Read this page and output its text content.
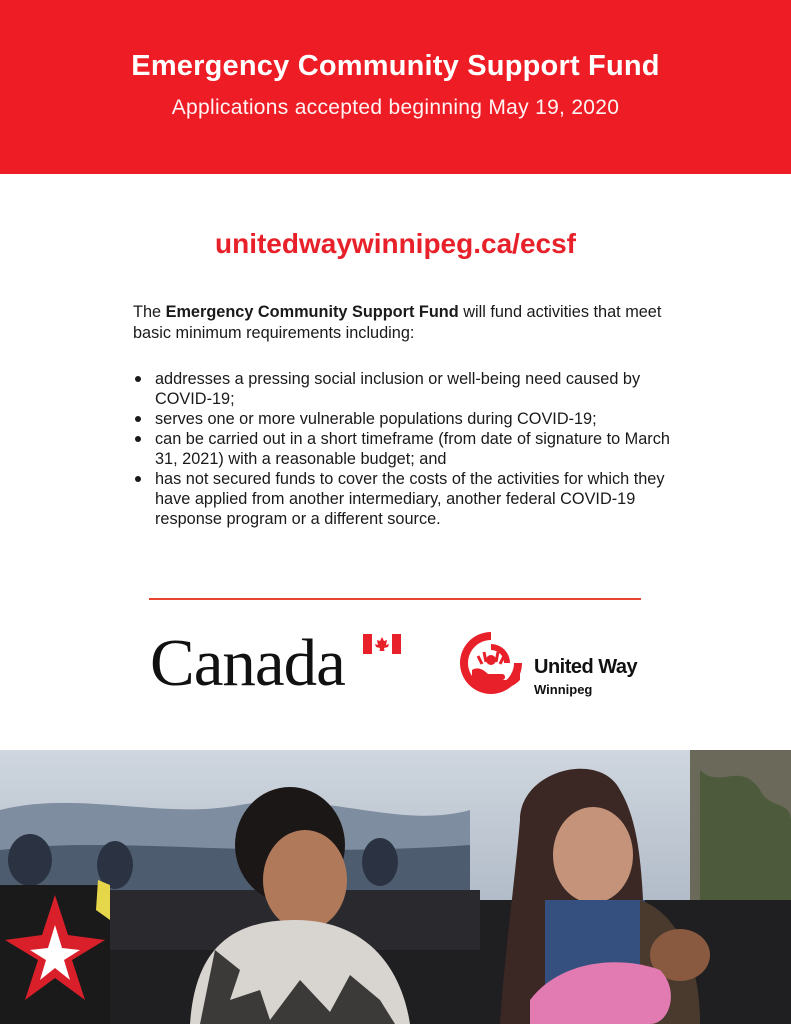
Emergency Community Support Fund
Applications accepted beginning May 19, 2020
unitedwaywinnipeg.ca/ecsf
The Emergency Community Support Fund will fund activities that meet basic minimum requirements including:
addresses a pressing social inclusion or well-being need caused by COVID-19;
serves one or more vulnerable populations during COVID-19;
can be carried out in a short timeframe (from date of signature to March 31, 2021) with a reasonable budget; and
has not secured funds to cover the costs of the activities for which they have applied from another intermediary, another federal COVID-19 response program or a different source.
Canada	United Way
Winnipeg
